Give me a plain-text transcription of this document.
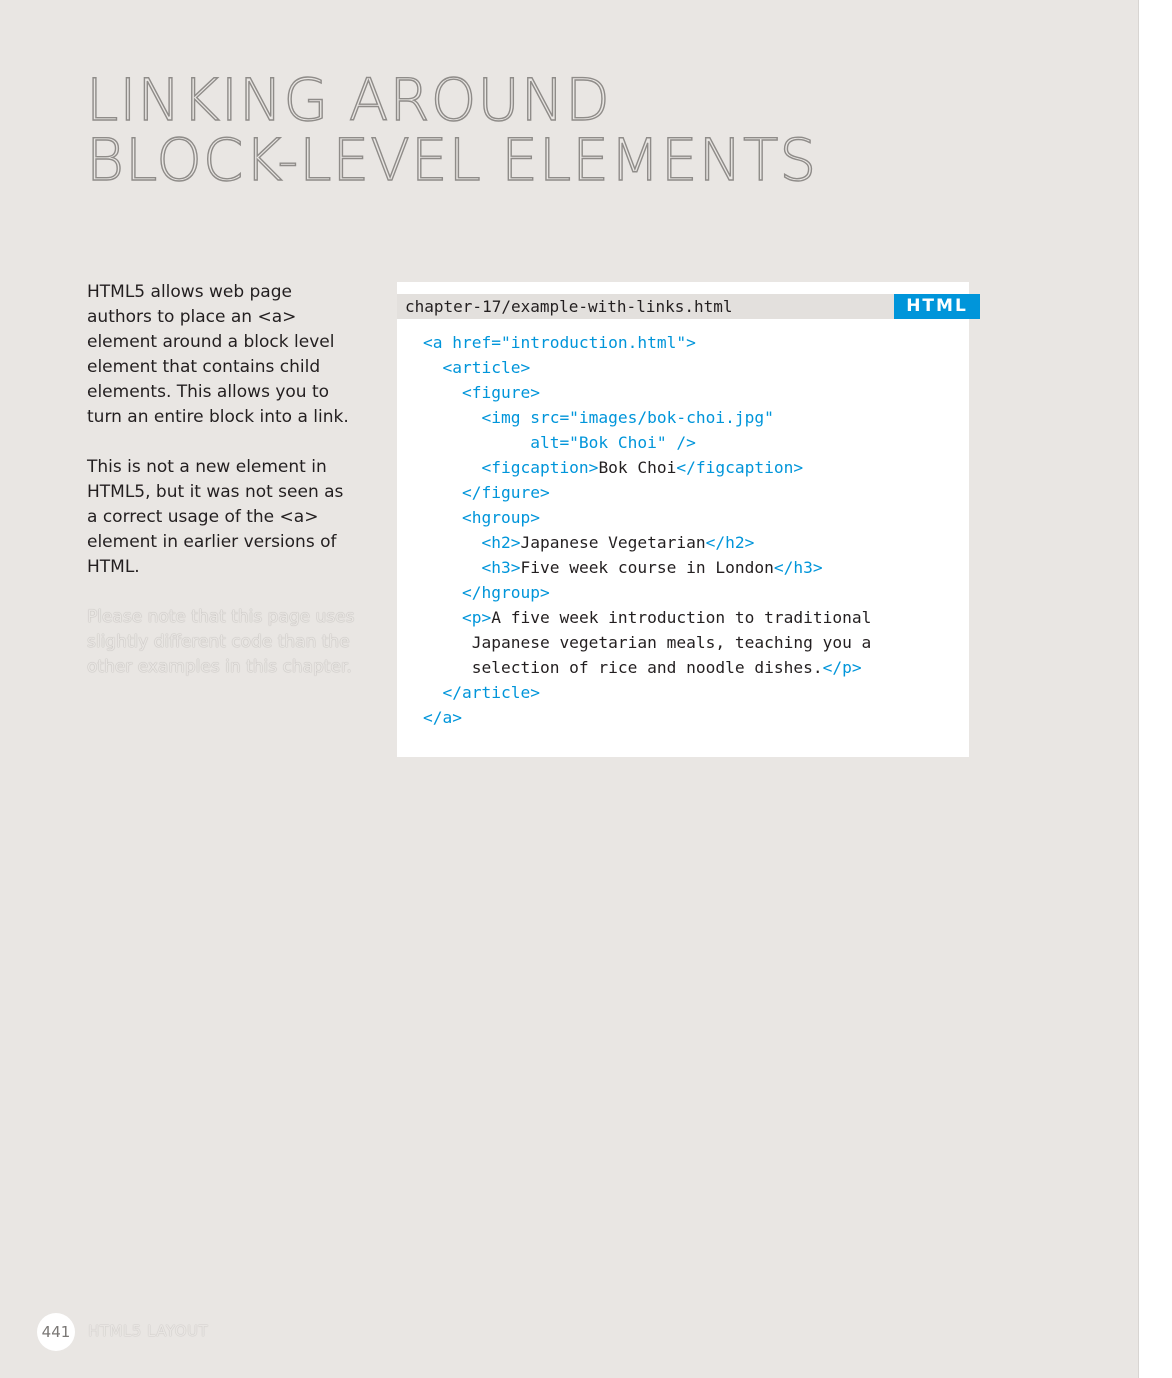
LINKING AROUND
BLOCK-LEVEL ELEMENTS

HTML5 allows web page authors to place an <a> element around a block level element that contains child elements. This allows you to turn an entire block into a link.

This is not a new element in HTML5, but it was not seen as a correct usage of the <a> element in earlier versions of HTML.

Please note that this page uses slightly different code than the other examples in this chapter.

chapter-17/example-with-links.html	HTML
<a href="introduction.html">
<article>
<figure>
<img src="images/bok-choi.jpg"
alt="Bok Choi" />
<figcaption>Bok Choi</figcaption>
</figure>
<hgroup>
<h2>Japanese Vegetarian</h2>
<h3>Five week course in London</h3>
</hgroup>
<p>A five week introduction to traditional
Japanese vegetarian meals, teaching you a
selection of rice and noodle dishes.</p>
</article>
</a>
441	HTML5 LAYOUT
